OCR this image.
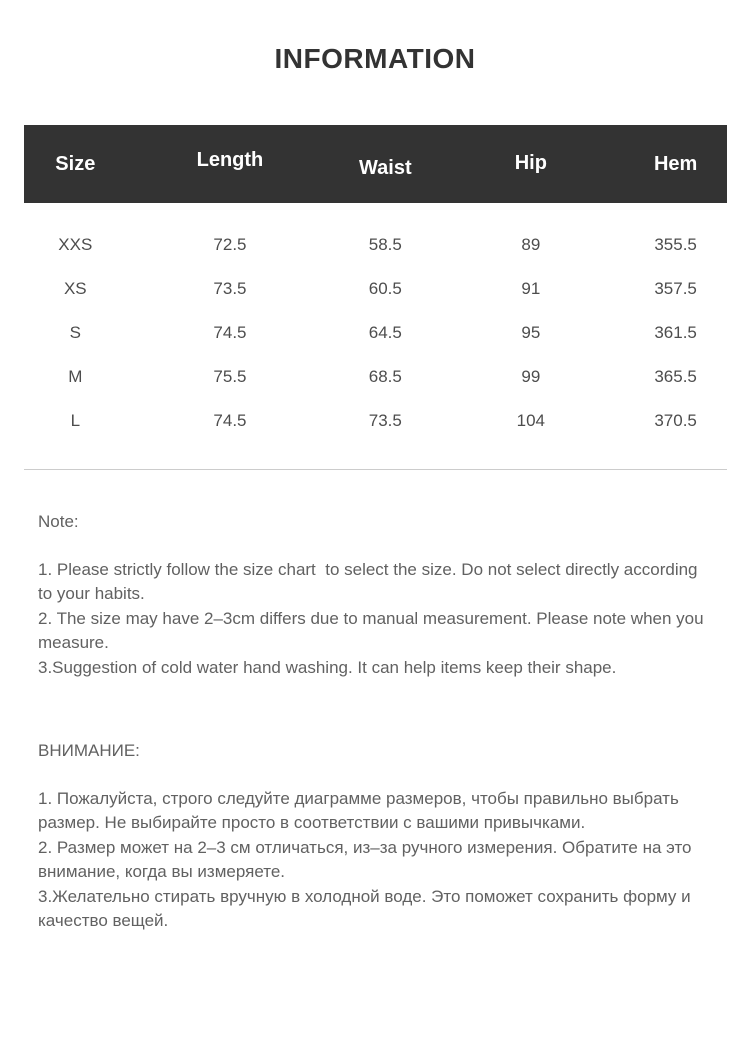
INFORMATION
Size	Length	Waist	Hip	Hem
XXS	72.5	58.5	89	355.5
XS	73.5	60.5	91	357.5
S	74.5	64.5	95	361.5
M	75.5	68.5	99	365.5
L	74.5	73.5	104	370.5

Note:

1. Please strictly follow the size chart  to select the size. Do not select directly according to your habits.

2. The size may have 2–3cm differs due to manual measurement. Please note when you measure.

3.Suggestion of cold water hand washing. It can help items keep their shape.

ВНИМАНИЕ:

1. Пожалуйста, строго следуйте диаграмме размеров, чтобы правильно выбрать размер. Не выбирайте просто в соответствии с вашими привычками.

2. Размер может на 2–3 см отличаться, из–за ручного измерения. Обратите на это внимание, когда вы измеряете.

3.Желательно стирать вручную в холодной воде. Это поможет сохранить форму и качество вещей.
